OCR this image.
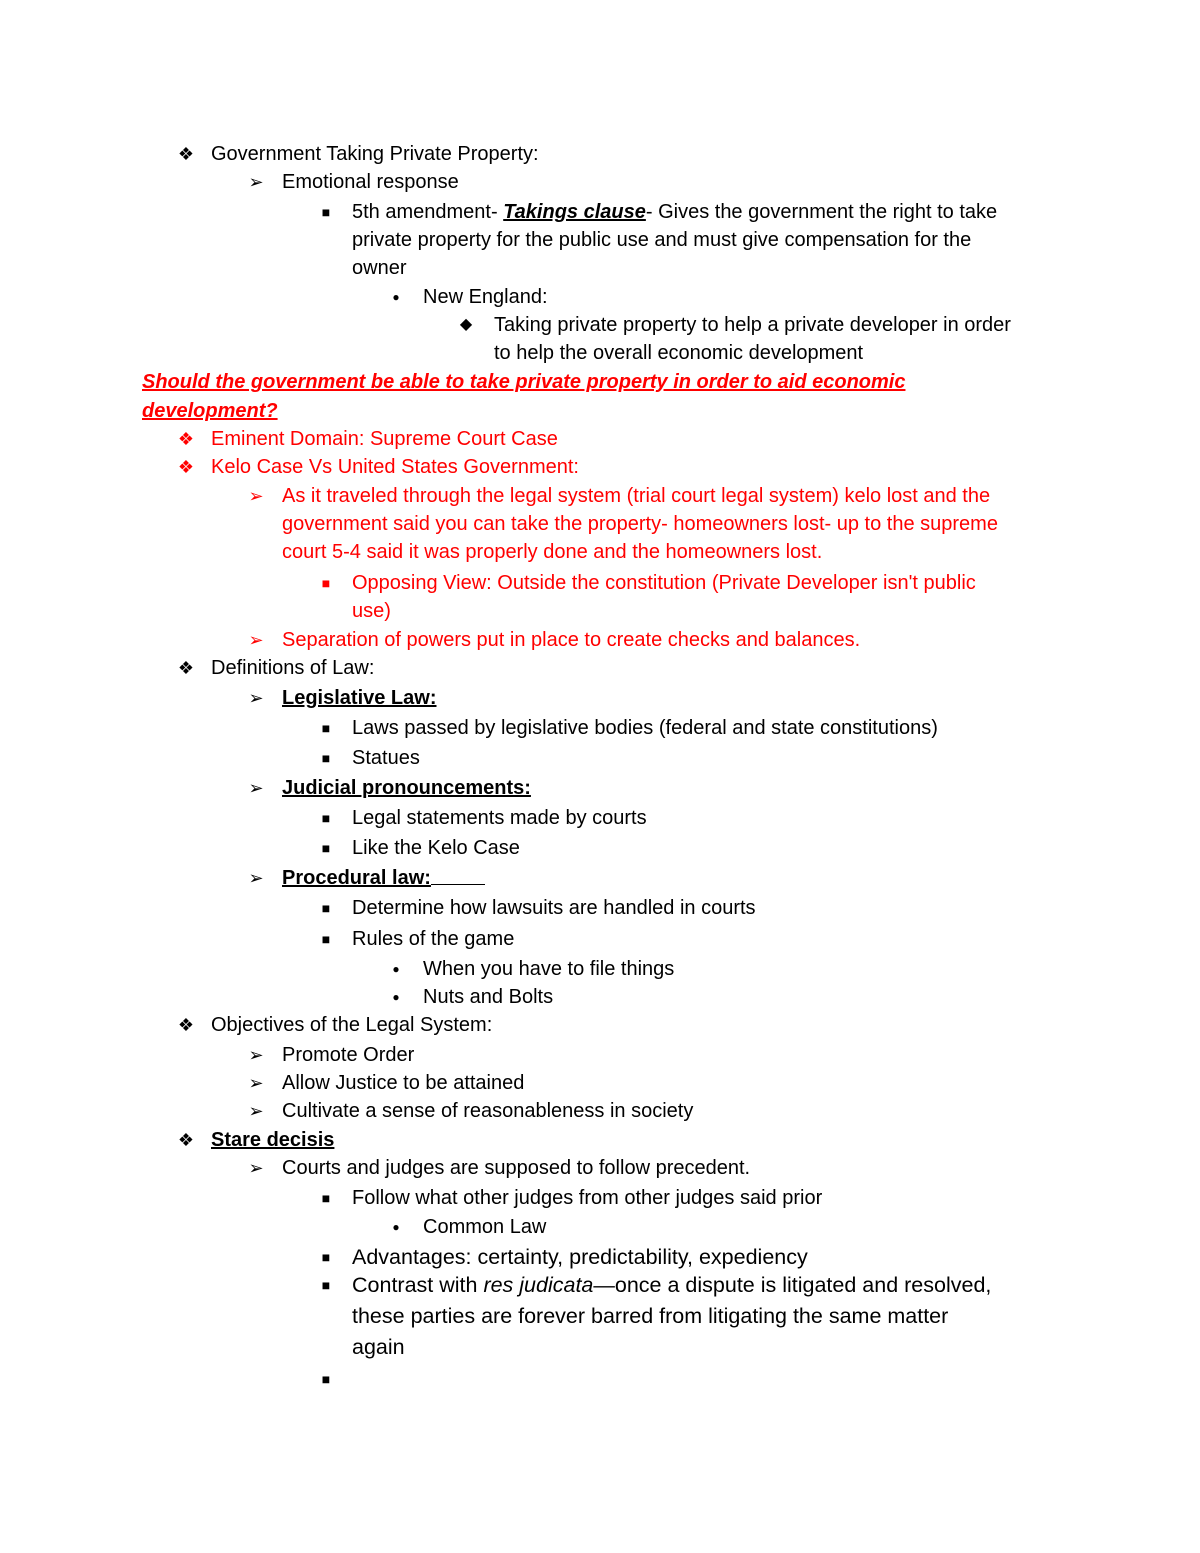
❖ Government Taking Private Property:
➢ Emotional response
■ 5th amendment- Takings clause- Gives the government the right to take
private property for the public use and must give compensation for the
owner
●	New England:
◆ Taking private property to help a private developer in order
to help the overall economic development
Should the government be able to take private property in order to aid economic
development?
❖ Eminent Domain: Supreme Court Case
❖ Kelo Case Vs United States Government:
➢ As it traveled through the legal system (trial court legal system) kelo lost and the
government said you can take the property- homeowners lost- up to the supreme
court 5-4 said it was properly done and the homeowners lost.
■ Opposing View: Outside the constitution (Private Developer isn't public
use)
➢ Separation of powers put in place to create checks and balances.
❖ Definitions of Law:
➢ Legislative Law:
■ Laws passed by legislative bodies (federal and state constitutions)
■ Statues
➢ Judicial pronouncements:
■ Legal statements made by courts
■ Like the Kelo Case
➢ Procedural law:
■ Determine how lawsuits are handled in courts
■ Rules of the game
●	When you have to file things
●	Nuts and Bolts
❖ Objectives of the Legal System:
➢ Promote Order
➢ Allow Justice to be attained
➢ Cultivate a sense of reasonableness in society
❖ Stare decisis
➢ Courts and judges are supposed to follow precedent.
■ Follow what other judges from other judges said prior
●	Common Law
■ Advantages: certainty, predictability, expediency
■ Contrast with res judicata—once a dispute is litigated and resolved,
these parties are forever barred from litigating the same matter
again
■
